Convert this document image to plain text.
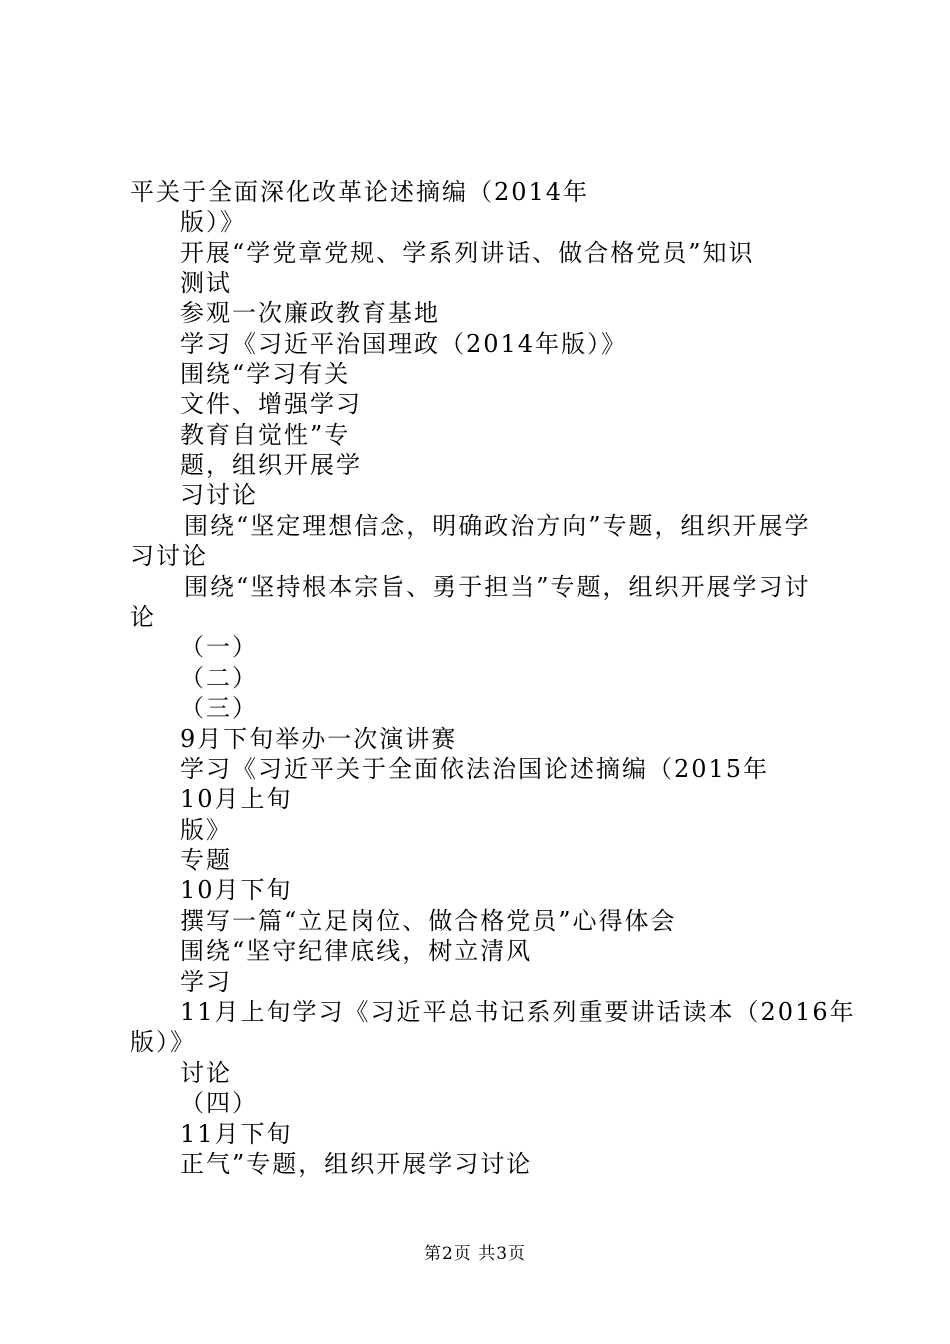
平关于全面深化改革论述摘编（2014年
版）》
开展“学党章党规、学系列讲话、做合格党员”知识
测试
参观一次廉政教育基地
学习《习近平治国理政（2014年版）》
围绕“学习有关
文件、增强学习
教育自觉性”专
题，组织开展学
习讨论
围绕“坚定理想信念，明确政治方向”专题，组织开展学
习讨论
围绕“坚持根本宗旨、勇于担当”专题，组织开展学习讨
论
（一）
（二）
（三）
9月下旬举办一次演讲赛
学习《习近平关于全面依法治国论述摘编（2015年
10月上旬
版》
专题
10月下旬
撰写一篇“立足岗位、做合格党员”心得体会
围绕“坚守纪律底线，树立清风
学习
11月上旬学习《习近平总书记系列重要讲话读本（2016年
版）》
讨论
（四）
11月下旬
正气”专题，组织开展学习讨论
第2页 共3页
